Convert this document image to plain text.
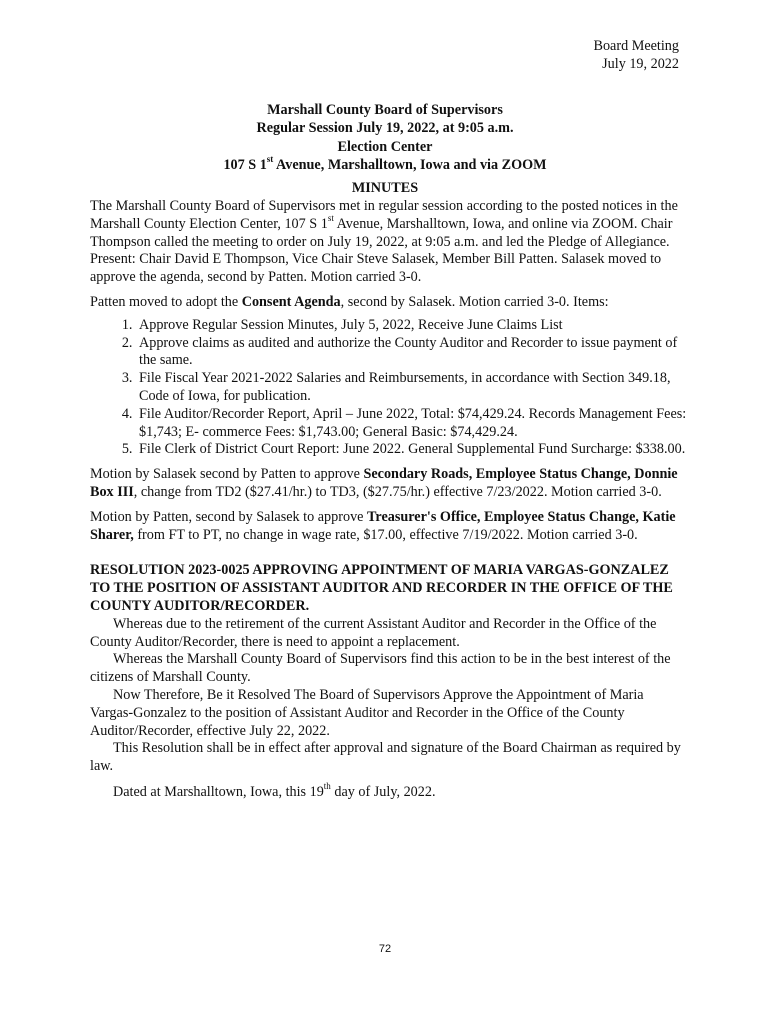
Board Meeting
July 19, 2022
Marshall County Board of Supervisors
Regular Session July 19, 2022, at 9:05 a.m.
Election Center
107 S 1st Avenue, Marshalltown, Iowa and via ZOOM
MINUTES

The Marshall County Board of Supervisors met in regular session according to the posted notices in the Marshall County Election Center, 107 S 1st Avenue, Marshalltown, Iowa, and online via ZOOM. Chair Thompson called the meeting to order on July 19, 2022, at 9:05 a.m. and led the Pledge of Allegiance. Present: Chair David E Thompson, Vice Chair Steve Salasek, Member Bill Patten. Salasek moved to approve the agenda, second by Patten. Motion carried 3-0.

Patten moved to adopt the Consent Agenda, second by Salasek. Motion carried 3-0. Items:

1. Approve Regular Session Minutes, July 5, 2022, Receive June Claims List
2. Approve claims as audited and authorize the County Auditor and Recorder to issue payment of the same.
3. File Fiscal Year 2021-2022 Salaries and Reimbursements, in accordance with Section 349.18, Code of Iowa, for publication.
4. File Auditor/Recorder Report, April – June 2022, Total: $74,429.24. Records Management Fees: $1,743; E- commerce Fees: $1,743.00; General Basic: $74,429.24.
5. File Clerk of District Court Report: June 2022. General Supplemental Fund Surcharge: $338.00.

Motion by Salasek second by Patten to approve Secondary Roads, Employee Status Change, Donnie Box III, change from TD2 ($27.41/hr.) to TD3, ($27.75/hr.) effective 7/23/2022. Motion carried 3-0.

Motion by Patten, second by Salasek to approve Treasurer's Office, Employee Status Change, Katie Sharer, from FT to PT, no change in wage rate, $17.00, effective 7/19/2022. Motion carried 3-0.

RESOLUTION 2023-0025 APPROVING APPOINTMENT OF MARIA VARGAS-GONZALEZ TO THE POSITION OF ASSISTANT AUDITOR AND RECORDER IN THE OFFICE OF THE COUNTY AUDITOR/RECORDER.

Whereas due to the retirement of the current Assistant Auditor and Recorder in the Office of the County Auditor/Recorder, there is need to appoint a replacement.

Whereas the Marshall County Board of Supervisors find this action to be in the best interest of the citizens of Marshall County.

Now Therefore, Be it Resolved The Board of Supervisors Approve the Appointment of Maria Vargas-Gonzalez to the position of Assistant Auditor and Recorder in the Office of the County Auditor/Recorder, effective July 22, 2022.

This Resolution shall be in effect after approval and signature of the Board Chairman as required by law.

Dated at Marshalltown, Iowa, this 19th day of July, 2022.

72
